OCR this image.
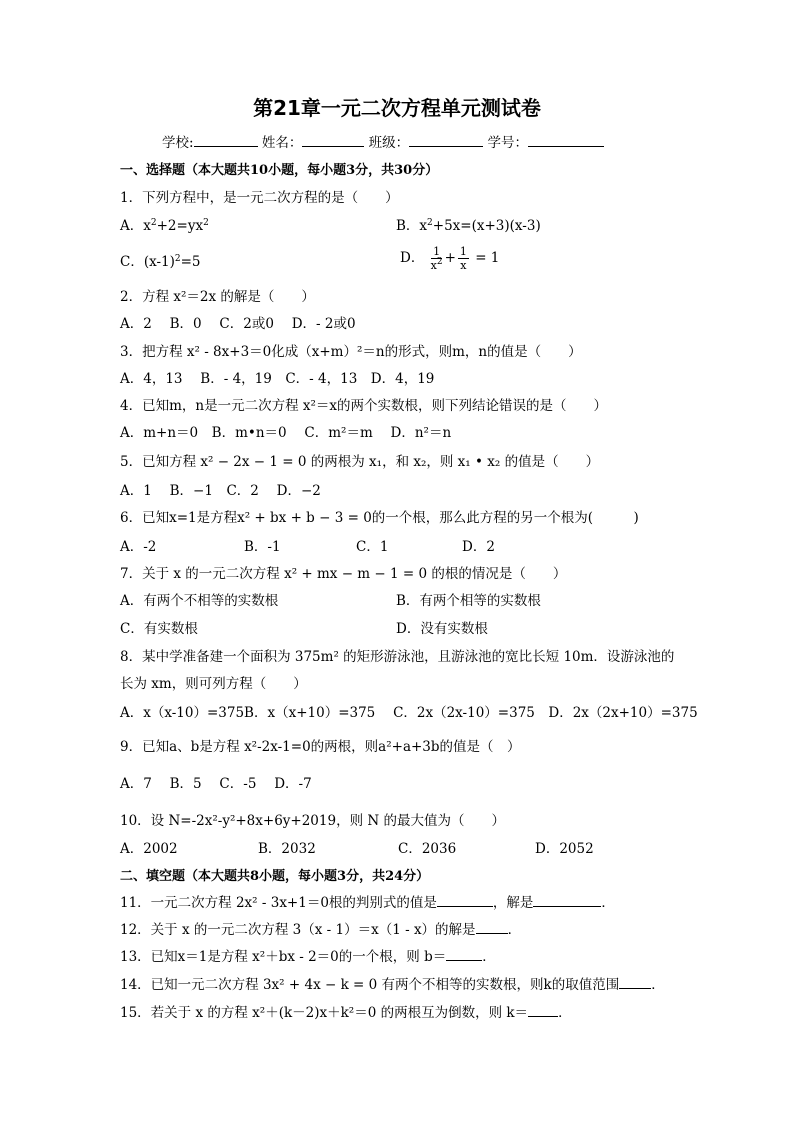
第21章一元二次方程单元测试卷
学校:	姓名：	班级：	学号：
一、选择题（本大题共10小题，每小题3分，共30分）
1．下列方程中，是一元二次方程的是（　　）
A．$x^2+2=yx^2$	B．$x^2+5x=(x+3)(x-3)$
C．$(x-1)^2=5$	D． $\frac{1}{x^2} + \frac{1}{x} = 1$
2．方程 x²＝2x 的解是（　　）
A．2　 B．0　 C．2或0　 D．- 2或0
3．把方程 x² - 8x+3＝0化成（x+m）²＝n的形式，则m，n的值是（　　）
A．4，13　 B．- 4，19　C．- 4，13　D．4，19
4．已知m，n是一元二次方程 x²＝x的两个实数根，则下列结论错误的是（　　）
A．m+n＝0　B．m•n＝0　 C．m²＝m　 D．n²＝n
5．已知方程 x² − 2x − 1 = 0 的两根为 x₁，和 x₂，则 x₁ • x₂ 的值是（　　）
A．1　 B．−1　C．2　 D．−2
6．已知x=1是方程x² + bx + b − 3 = 0的一个根，那么此方程的另一个根为(　　　)
A．-2	B．-1	C．1	D．2
7．关于 x 的一元二次方程 x² + mx − m − 1 = 0 的根的情况是（　　）
A．有两个不相等的实数根	B．有两个相等的实数根
C．有实数根	D．没有实数根
8．某中学准备建一个面积为 375m² 的矩形游泳池，且游泳池的宽比长短 10m．设游泳池的
长为 xm，则可列方程（　　）
A．x（x-10）=375B．x（x+10）=375　 C．2x（2x-10）=375　D．2x（2x+10）=375
9．已知a、b是方程 x²-2x-1=0的两根，则a²+a+3b的值是（　）
A．7　 B．5　 C．-5　 D．-7
10．设 N=-2x²-y²+8x+6y+2019，则 N 的最大值为（　　）
A．2002	B．2032	C．2036	D．2052
二、填空题（本大题共8小题，每小题3分，共24分）
11．一元二次方程 2x² - 3x+1＝0根的判别式的值是	，解是	．
12．关于 x 的一元二次方程 3（x - 1）＝x（1 - x）的解是 ．
13．已知x＝1是方程 x²＋bx - 2＝0的一个根，则 b＝	．
14．已知一元二次方程 3x² + 4x − k = 0 有两个不相等的实数根，则k的取值范围 ．
15．若关于 x 的方程 x²＋(k－2)x＋k²＝0 的两根互为倒数，则 k＝ ．
